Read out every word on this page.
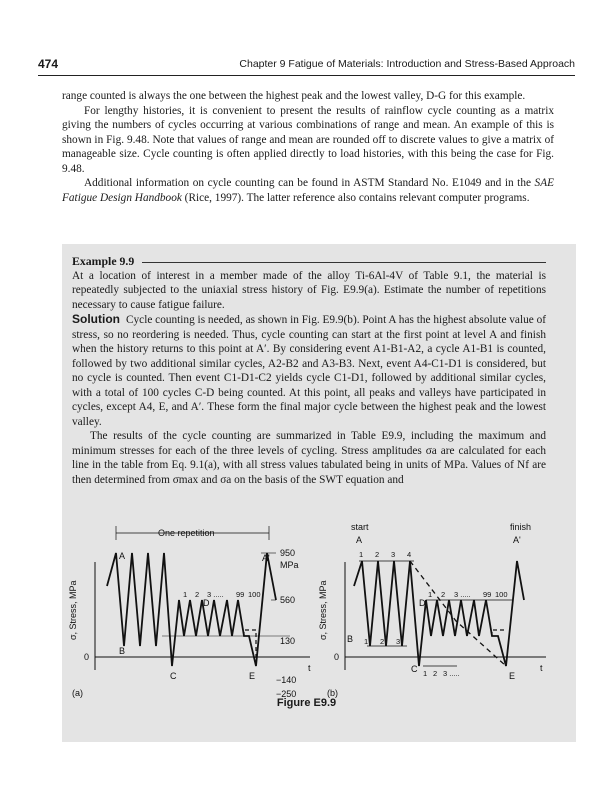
474	Chapter 9 Fatigue of Materials: Introduction and Stress-Based Approach

range counted is always the one between the highest peak and the lowest valley, D-G for this example.

For lengthy histories, it is convenient to present the results of rainflow cycle counting as a matrix giving the numbers of cycles occurring at various combinations of range and mean. An example of this is shown in Fig. 9.48. Note that values of range and mean are rounded off to discrete values to give a matrix of manageable size. Cycle counting is often applied directly to load histories, with this being the case for Fig. 9.48.

Additional information on cycle counting can be found in ASTM Standard No. E1049 and in the SAE Fatigue Design Handbook (Rice, 1997). The latter reference also contains relevant computer programs.

Example 9.9

At a location of interest in a member made of the alloy Ti-6Al-4V of Table 9.1, the material is repeatedly subjected to the uniaxial stress history of Fig. E9.9(a). Estimate the number of repetitions necessary to cause fatigue failure.

Solution Cycle counting is needed, as shown in Fig. E9.9(b). Point A has the highest absolute value of stress, so no reordering is needed. Thus, cycle counting can start at the first point at level A and finish when the history returns to this point at A′. By considering event A1-B1-A2, a cycle A1-B1 is counted, followed by two additional similar cycles, A2-B2 and A3-B3. Next, event A4-C1-D1 is considered, but no cycle is counted. Then event C1-D1-C2 yields cycle C1-D1, followed by additional similar cycles, with a total of 100 cycles C-D being counted. At this point, all peaks and valleys have participated in cycles, except A4, E, and A′. These form the final major cycle between the highest peak and the lowest valley.

The results of the cycle counting are summarized in Table E9.9, including the maximum and minimum stresses for each of the three levels of cycling. Stress amplitudes σa are calculated for each line in the table from Eq. 9.1(a), with all stress values tabulated being in units of MPa. Values of Nf are then determined from σmax and σa on the basis of the SWT equation and

One repetition
A	A'
B
C
D
E
1 2 3 ..... 99 100
950
MPa
560
130
−140
−250
0
t
(a)
σ, Stress, MPa
start	finish
A	A'
B
C
D
E
1 2 3 4
1 2 3
1 2 3 .....
1 2 3 ..... 99 100
0
t
(b)
σ, Stress, MPa
Figure E9.9
